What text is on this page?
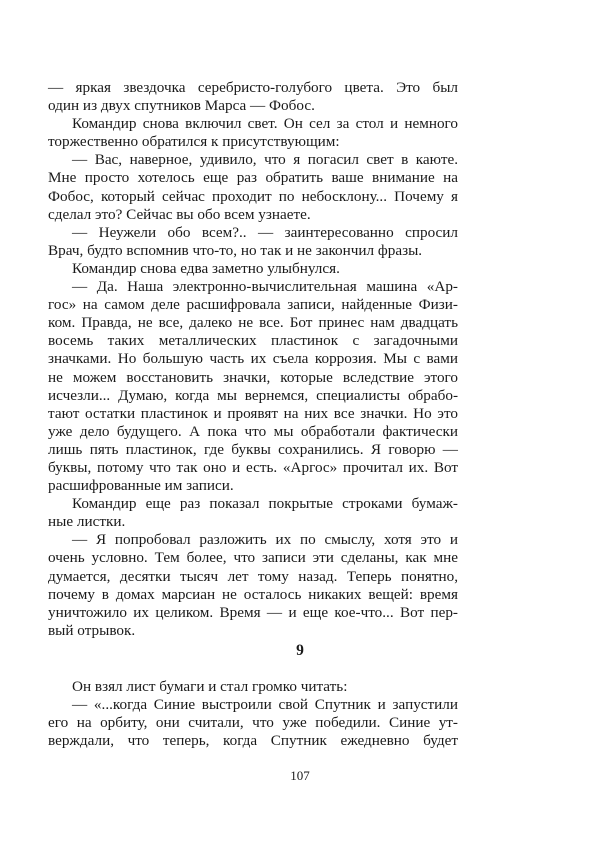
— яркая звездочка серебристо-голубого цвета. Это был
один из двух спутников Марса — Фобос.
Командир снова включил свет. Он сел за стол и немного
торжественно обратился к присутствующим:
— Вас, наверное, удивило, что я погасил свет в каюте.
Мне просто хотелось еще раз обратить ваше внимание на
Фобос, который сейчас проходит по небосклону... Почему я
сделал это? Сейчас вы обо всем узнаете.
— Неужели обо всем?.. — заинтересованно спросил
Врач, будто вспомнив что-то, но так и не закончил фразы.
Командир снова едва заметно улыбнулся.
— Да. Наша электронно-вычислительная машина «Ар-
гос» на самом деле расшифровала записи, найденные Физи-
ком. Правда, не все, далеко не все. Бот принес нам двадцать
восемь таких металлических пластинок с загадочными
значками. Но большую часть их съела коррозия. Мы с вами
не можем восстановить значки, которые вследствие этого
исчезли... Думаю, когда мы вернемся, специалисты обрабо-
тают остатки пластинок и проявят на них все значки. Но это
уже дело будущего. А пока что мы обработали фактически
лишь пять пластинок, где буквы сохранились. Я говорю —
буквы, потому что так оно и есть. «Аргос» прочитал их. Вот
расшифрованные им записи.
Командир еще раз показал покрытые строками бумаж-
ные листки.
— Я попробовал разложить их по смыслу, хотя это и
очень условно. Тем более, что записи эти сделаны, как мне
думается, десятки тысяч лет тому назад. Теперь понятно,
почему в домах марсиан не осталось никаких вещей: время
уничтожило их целиком. Время — и еще кое-что... Вот пер-
вый отрывок.
9
Он взял лист бумаги и стал громко читать:
— «...когда Синие выстроили свой Спутник и запустили
его на орбиту, они считали, что уже победили. Синие ут-
верждали, что теперь, когда Спутник ежедневно будет
107
